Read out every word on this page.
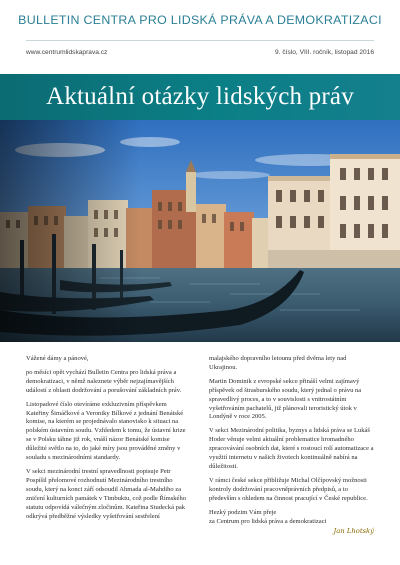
BULLETIN CENTRA PRO LIDSKÁ PRÁVA A DEMOKRATIZACI
www.centrumlidskaprava.cz	9. číslo, VIII. ročník, listopad 2016
Aktuální otázky lidských práv

Vážené dámy a pánové,

po měsíci opět vychází Bulletin Centra pro lidská práva a demokratizaci, v němž naleznete výběr nejzajímavějších událostí z oblasti dodržování a porušování základních práv.

Listopadové číslo otevíráme exkluzivním příspěvkem Kateřiny Šimáčkové a Veroniky Bílkové z jednání Benátské komise, na kterém se projednávalo stanovisko k situaci na polském ústavním soudu. Vzhledem k tomu, že ústavní krize se v Polsku táhne již rok, vnáší názor Benátské komise důležité světlo na to, do jaké míry jsou prováděné změny v souladu s mezinárodními standardy.

V sekci mezinárodní trestní spravedlnosti popisuje Petr Pospíšil přelomové rozhodnutí Mezinárodního trestního soudu, který na konci září odsoudil Ahmada al-Mahdiho za zničení kulturních památek v Timbuktu, což podle Římského statutu odpovídá válečným zločinům. Kateřina Studecká pak odkrývá předběžné výsledky vyšetřování sestřelení

malajského dopravního letounu před dvěma lety nad Ukrajinou.

Martin Dominik z evropské sekce přináší velmi zajímavý příspěvek od štrasburského soudu, který jednal o právu na spravedlivý proces, a to v souvislosti s vnitrostátním vyšetřováním pachatelů, již plánovali teroristický útok v Londýně v roce 2005.

V sekci Mezinárodní politika, byznys a lidská práva se Lukáš Hoder věnuje velmi aktuální problematice hromadného zpracovávání osobních dat, které s rostoucí rolí automatizace a využití internetu v našich životech kontinuálně nabírá na důležitosti.

V rámci české sekce přibližuje Michal Olčípovský možnosti kontroly dodržování pracovněprávních předpisů, a to především s ohledem na činnost pracující v České republice.

Hezký podzim Vám přeje

za Centrum pro lidská práva a demokratizaci

Jan Lhotský
